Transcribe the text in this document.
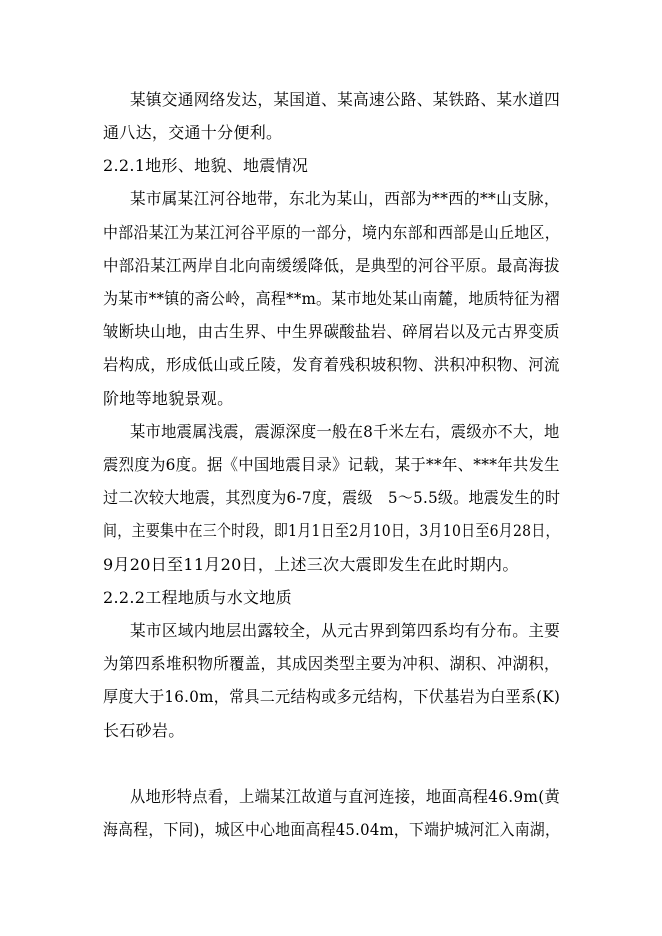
某镇交通网络发达，某国道、某高速公路、某铁路、某水道四
通八达，交通十分便利。
2.2.1地形、地貌、地震情况
某市属某江河谷地带，东北为某山，西部为**西的**山支脉，
中部沿某江为某江河谷平原的一部分，境内东部和西部是山丘地区，
中部沿某江两岸自北向南缓缓降低，是典型的河谷平原。最高海拔
为某市**镇的斋公岭，高程**m。某市地处某山南麓，地质特征为褶
皱断块山地，由古生界、中生界碳酸盐岩、碎屑岩以及元古界变质
岩构成，形成低山或丘陵，发育着残积坡积物、洪积冲积物、河流
阶地等地貌景观。
某市地震属浅震，震源深度一般在8千米左右，震级亦不大，地
震烈度为6度。据《中国地震目录》记载，某于**年、***年共发生
过二次较大地震，其烈度为6-7度，震级　5～5.5级。地震发生的时
间，主要集中在三个时段，即1月1日至2月10日，3月10日至6月28日，
9月20日至11月20日，上述三次大震即发生在此时期内。
2.2.2工程地质与水文地质
某市区域内地层出露较全，从元古界到第四系均有分布。主要
为第四系堆积物所覆盖，其成因类型主要为冲积、湖积、冲湖积，
厚度大于16.0m，常具二元结构或多元结构，下伏基岩为白垩系(K)
长石砂岩。
从地形特点看，上端某江故道与直河连接，地面高程46.9m(黄
海高程，下同)，城区中心地面高程45.04m，下端护城河汇入南湖，
